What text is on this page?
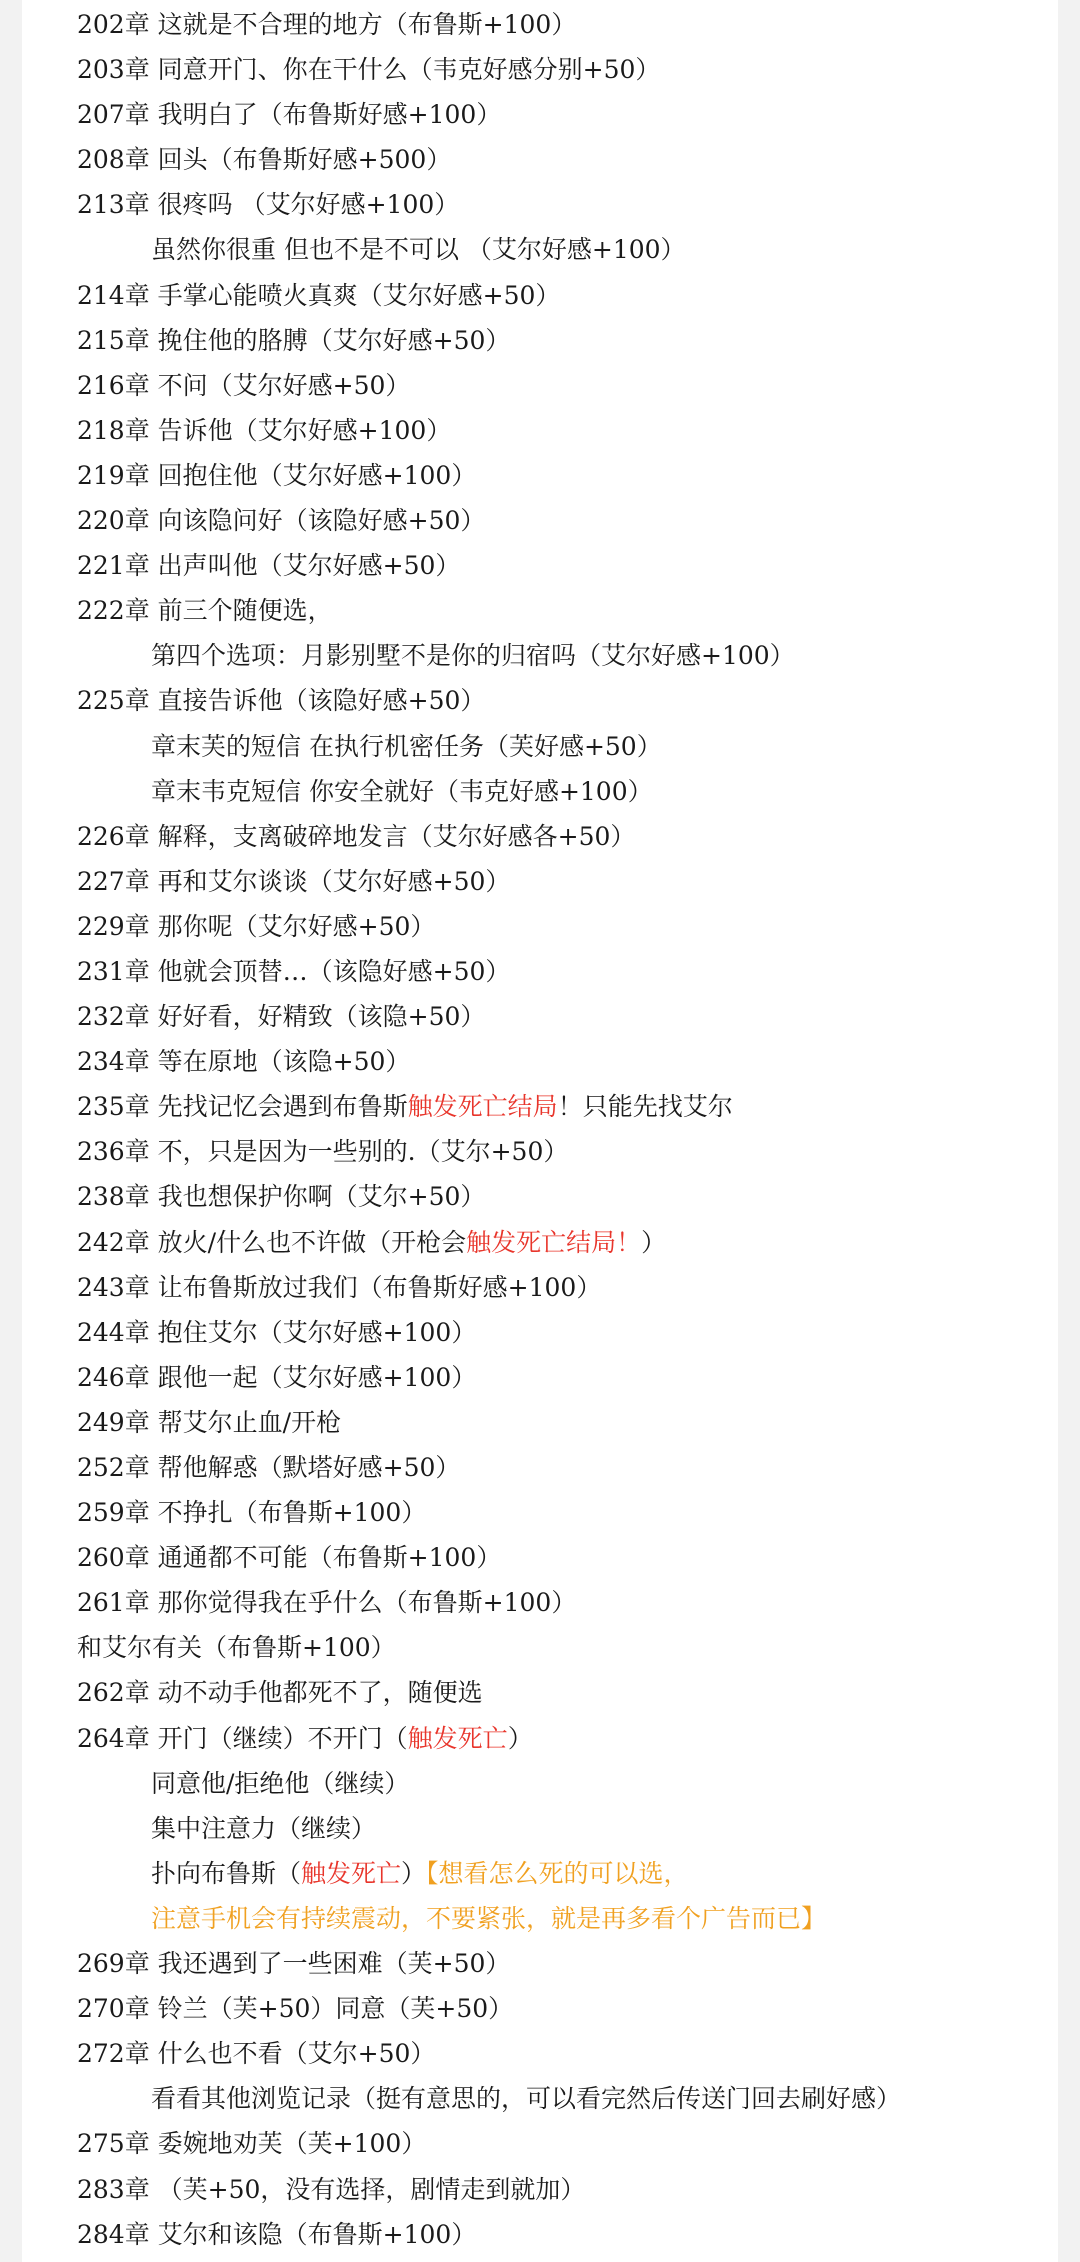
202章 这就是不合理的地方（布鲁斯+100）
203章 同意开门、你在干什么（韦克好感分别+50）
207章 我明白了（布鲁斯好感+100）
208章 回头（布鲁斯好感+500）
213章 很疼吗 （艾尔好感+100）
虽然你很重 但也不是不可以 （艾尔好感+100）
214章 手掌心能喷火真爽（艾尔好感+50）
215章 挽住他的胳膊（艾尔好感+50）
216章 不问（艾尔好感+50）
218章 告诉他（艾尔好感+100）
219章 回抱住他（艾尔好感+100）
220章 向该隐问好（该隐好感+50）
221章 出声叫他（艾尔好感+50）
222章 前三个随便选，
第四个选项：月影别墅不是你的归宿吗（艾尔好感+100）
225章 直接告诉他（该隐好感+50）
章末芙的短信 在执行机密任务（芙好感+50）
章末韦克短信 你安全就好（韦克好感+100）
226章 解释，支离破碎地发言（艾尔好感各+50）
227章 再和艾尔谈谈（艾尔好感+50）
229章 那你呢（艾尔好感+50）
231章 他就会顶替…（该隐好感+50）
232章 好好看，好精致（该隐+50）
234章 等在原地（该隐+50）
235章 先找记忆会遇到布鲁斯触发死亡结局！只能先找艾尔
236章 不，只是因为一些别的.（艾尔+50）
238章 我也想保护你啊（艾尔+50）
242章 放火/什么也不许做（开枪会触发死亡结局！）
243章 让布鲁斯放过我们（布鲁斯好感+100）
244章 抱住艾尔（艾尔好感+100）
246章 跟他一起（艾尔好感+100）
249章 帮艾尔止血/开枪
252章 帮他解惑（默塔好感+50）
259章 不挣扎（布鲁斯+100）
260章 通通都不可能（布鲁斯+100）
261章 那你觉得我在乎什么（布鲁斯+100）
和艾尔有关（布鲁斯+100）
262章 动不动手他都死不了，随便选
264章 开门（继续）不开门（触发死亡）
同意他/拒绝他（继续）
集中注意力（继续）
扑向布鲁斯（触发死亡）【想看怎么死的可以选，
注意手机会有持续震动，不要紧张，就是再多看个广告而已】
269章 我还遇到了一些困难（芙+50）
270章 铃兰（芙+50）同意（芙+50）
272章 什么也不看（艾尔+50）
看看其他浏览记录（挺有意思的，可以看完然后传送门回去刷好感）
275章 委婉地劝芙（芙+100）
283章 （芙+50，没有选择，剧情走到就加）
284章 艾尔和该隐（布鲁斯+100）
